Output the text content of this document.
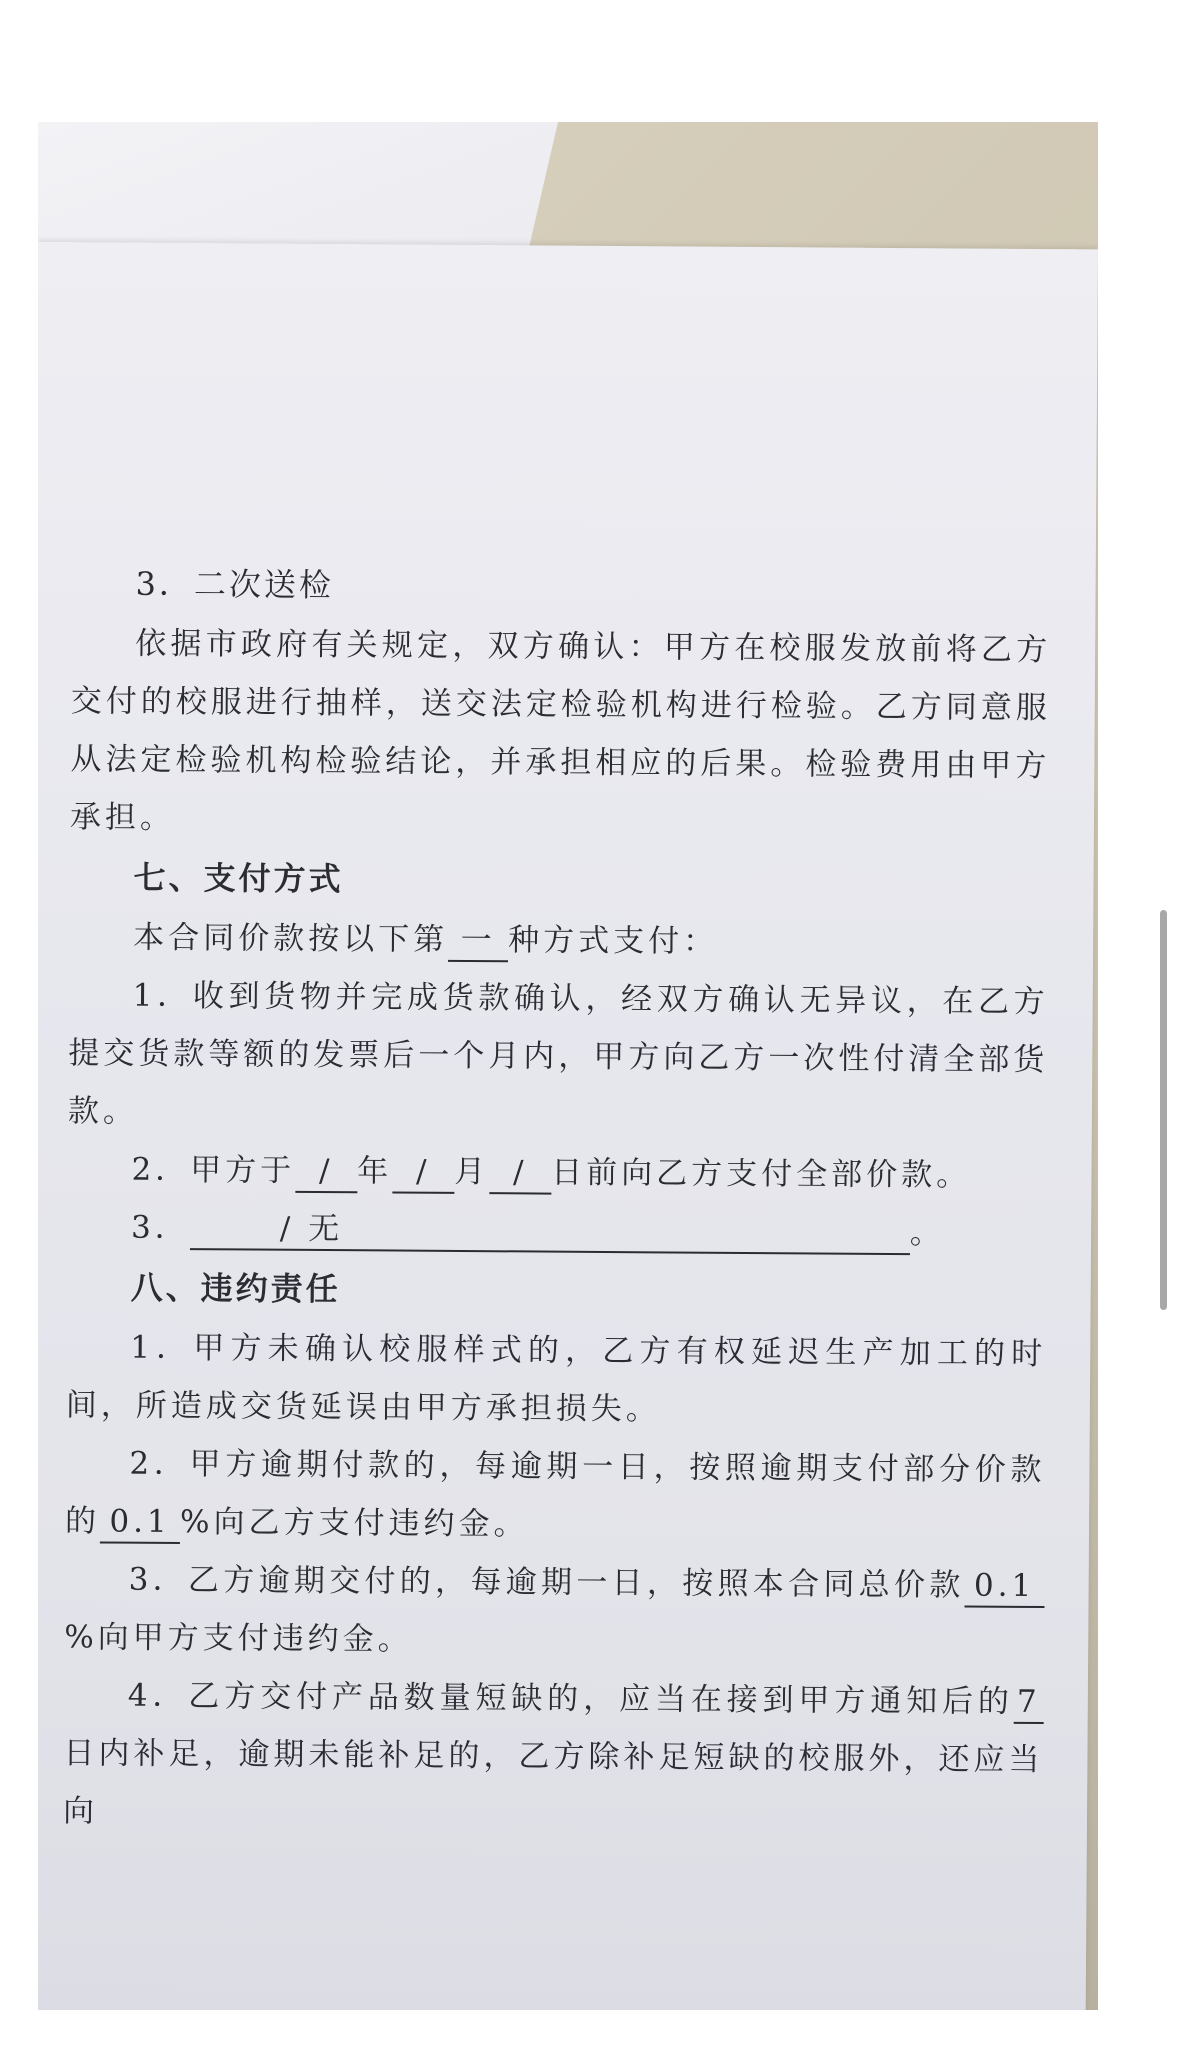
3．二次送检

依据市政府有关规定，双方确认：甲方在校服发放前将乙方交付的校服进行抽样，送交法定检验机构进行检验。乙方同意服从法定检验机构检验结论，并承担相应的后果。检验费用由甲方承担。

七、支付方式

本合同价款按以下第 一 种方式支付：

1．收到货物并完成货款确认，经双方确认无异议，在乙方提交货款等额的发票后一个月内，甲方向乙方一次性付清全部货款。

2．甲方于 / 年 / 月 / 日前向乙方支付全部价款。

3．	/ 无	。

八、违约责任

1．甲方未确认校服样式的，乙方有权延迟生产加工的时间，所造成交货延误由甲方承担损失。

2．甲方逾期付款的，每逾期一日，按照逾期支付部分价款的 0.1 %向乙方支付违约金。

3．乙方逾期交付的，每逾期一日，按照本合同总价款 0.1%向甲方支付违约金。

4．乙方交付产品数量短缺的，应当在接到甲方通知后的7日内补足，逾期未能补足的，乙方除补足短缺的校服外，还应当向
